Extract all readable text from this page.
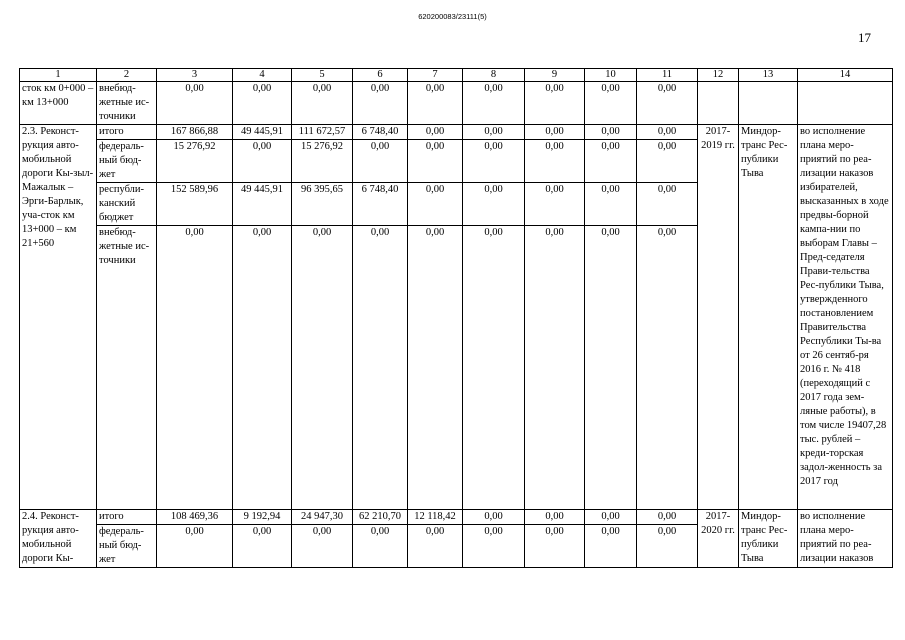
620200083/23111(5)
17
1	2	3	4	5	6	7	8	9	10	11	12	13	14
сток км 0+000 – км 13+000	внебюд-жетные ис-точники	0,00	0,00	0,00	0,00	0,00	0,00	0,00	0,00	0,00			
2.3. Реконст-рукция авто-мобильной дороги Кы-зыл-Мажалык – Эрги-Барлык, уча-сток км 13+000 – км 21+560	итого	167 866,88	49 445,91	111 672,57	6 748,40	0,00	0,00	0,00	0,00	0,00	2017-2019 гг.	Миндор-транс Рес-публики Тыва	во исполнение плана меро-приятий по реа-лизации наказов избирателей, высказанных в ходе предвы-борной кампа-нии по выборам Главы – Пред-седателя Прави-тельства Рес-публики Тыва, утвержденного постановлением Правительства Республики Ты-ва от 26 сентяб-ря 2016 г. № 418 (переходящий с 2017 года зем-ляные работы), в том числе 19407,28 тыс. рублей – креди-торская задол-женность за 2017 год
	федераль-ный бюд-жет	15 276,92	0,00	15 276,92	0,00	0,00	0,00	0,00	0,00	0,00			
	республи-канский бюджет	152 589,96	49 445,91	96 395,65	6 748,40	0,00	0,00	0,00	0,00	0,00			
	внебюд-жетные ис-точники	0,00	0,00	0,00	0,00	0,00	0,00	0,00	0,00	0,00			
2.4. Реконст-рукция авто-мобильной дороги Кы-	итого	108 469,36	9 192,94	24 947,30	62 210,70	12 118,42	0,00	0,00	0,00	0,00	2017-2020 гг.	Миндор-транс Рес-публики Тыва	во исполнение плана меро-приятий по реа-лизации наказов
	федераль-ный бюд-жет	0,00	0,00	0,00	0,00	0,00	0,00	0,00	0,00	0,00			
